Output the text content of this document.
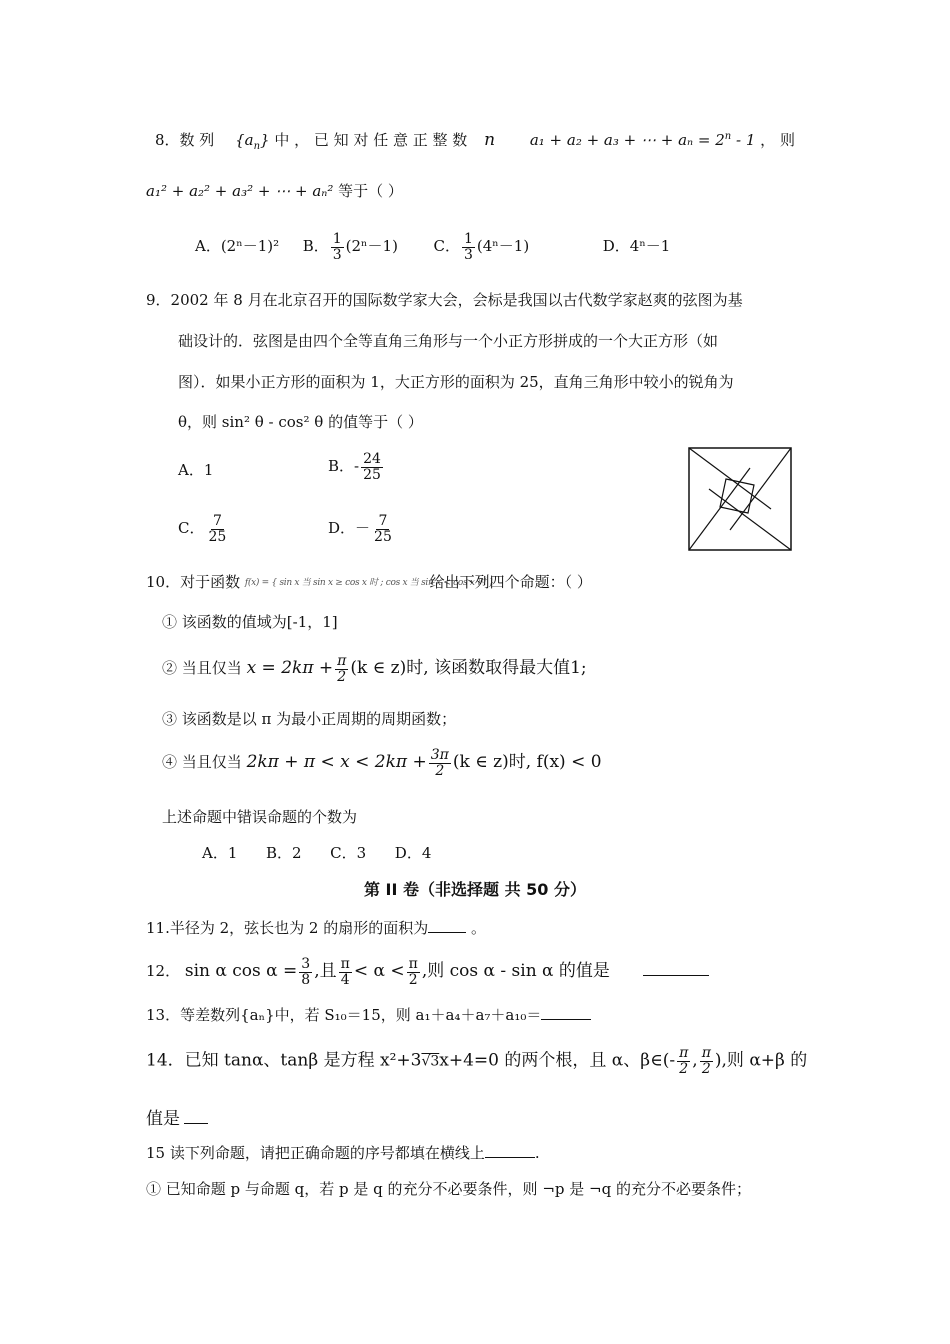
8．数 列 $\{a_n\}$ 中 ， 已 知 对 任 意 正 整 数 n a₁ + a₂ + a₃ + ⋯ + $a_n = 2^n - 1$ ， 则
a₁² + a₂² + a₃² + ⋯ + aₙ² 等于（ ）
A．(2ⁿ－1)² B． $\frac{1}{3} (2^n-1)$ C． $\frac{1}{3} (4^n-1)$	D．4ⁿ－1
9．2002 年 8 月在北京召开的国际数学家大会，会标是我国以古代数学家赵爽的弦图为基
础设计的．弦图是由四个全等直角三角形与一个小正方形拼成的一个大正方形（如
图）．如果小正方形的面积为 1，大正方形的面积为 25，直角三角形中较小的锐角为
θ，则 sin² θ - cos² θ 的值等于（ ）
A．1	B．- $\frac{24}{25}$
C． $\frac{7}{25}$	D．－ $\frac{7}{25}$
10．对于函数 f(x) = { sin x 当 sin x ≥ cos x 时 ; cos x 当 sin x < cos x 时 } 给出下列四个命题：（ ）
① 该函数的值域为[-1，1]
② 当且仅当 $x = 2k\pi + \frac{\pi}{2} (k$ ∈ z)时, 该函数取得最大值1;
③ 该函数是以 π 为最小正周期的周期函数；
④ 当且仅当 $2k\pi + \pi < x < 2k\pi + \frac{3\pi}{2} (k$ ∈ z)时, f(x) < 0
上述命题中错误命题的个数为
A．1      B．2      C．3      D．4
第 II 卷（非选择题 共 50 分）
11.半径为 2，弦长也为 2 的扇形的面积为	。
12． sin α $\cos \alpha = \frac{3}{8}$ ,且 $\frac{\pi}{4} < \alpha < \frac{\pi}{2}$ ,则 cos α - sin α 的值是
13．等差数列{aₙ}中，若 S₁₀＝15，则 a₁＋a₄＋a₇＋a₁₀＝
14．已知 tanα、tanβ 是方程 x²+3√3x+4=0 的两个根，且 α、β∈(- $\frac{\pi}{2}$ , $\frac{\pi}{2}$ ),则 α+β 的
值是
15 读下列命题，请把正确命题的序号都填在横线上	.
① 已知命题 p 与命题 q，若 p 是 q 的充分不必要条件，则 ¬p 是 ¬q 的充分不必要条件；
